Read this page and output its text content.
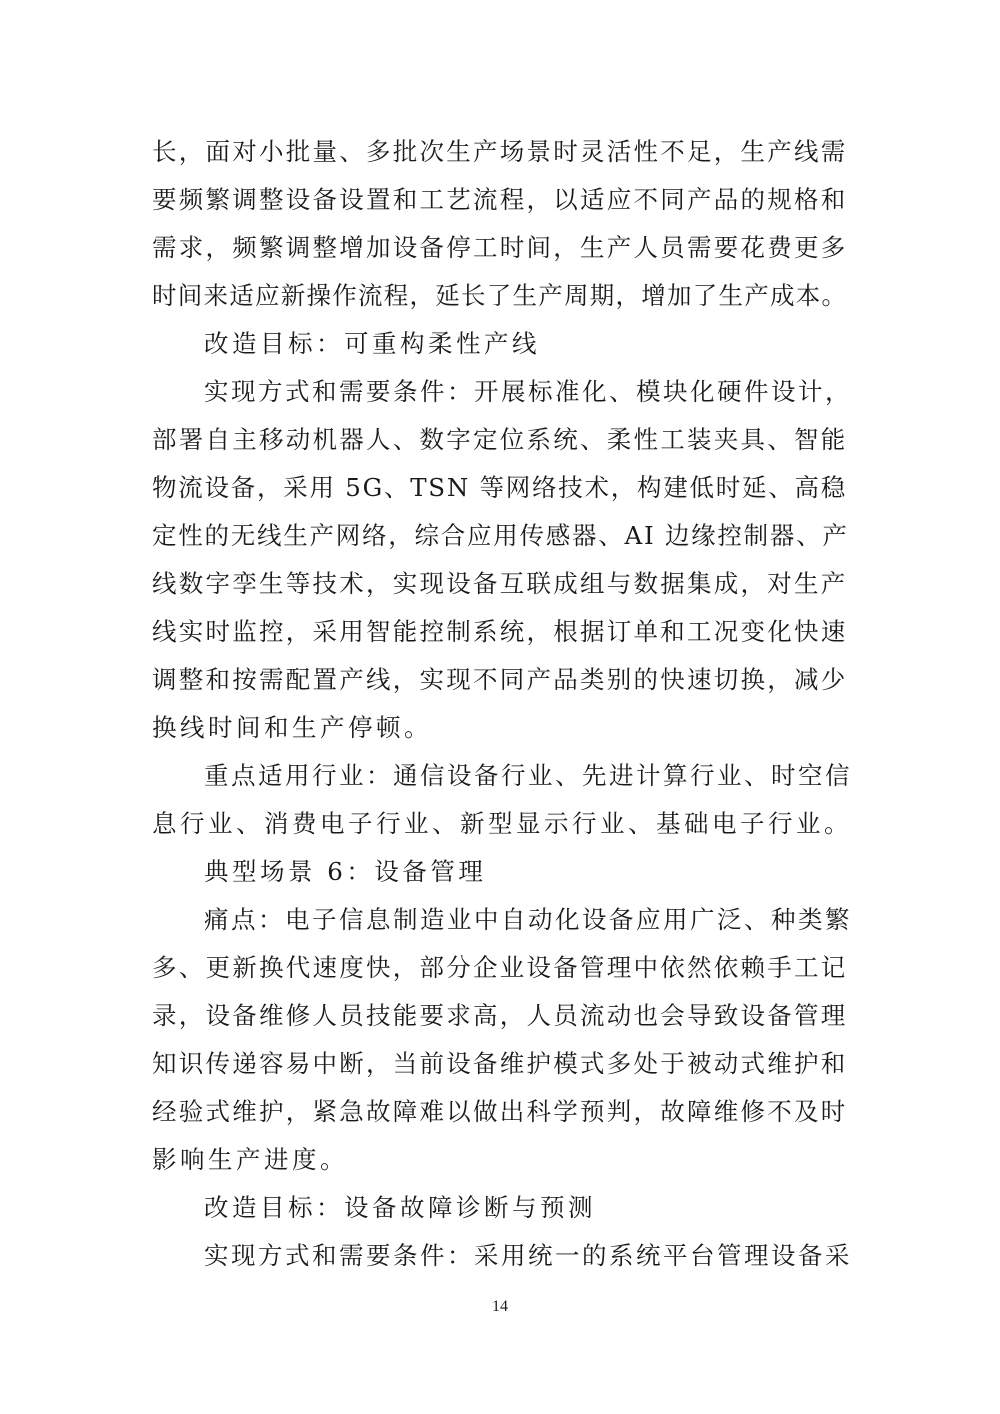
长，面对小批量、多批次生产场景时灵活性不足，生产线需
要频繁调整设备设置和工艺流程，以适应不同产品的规格和
需求，频繁调整增加设备停工时间，生产人员需要花费更多
时间来适应新操作流程，延长了生产周期，增加了生产成本。
改造目标：可重构柔性产线
实现方式和需要条件：开展标准化、模块化硬件设计，
部署自主移动机器人、数字定位系统、柔性工装夹具、智能
物流设备，采用 5G、TSN 等网络技术，构建低时延、高稳
定性的无线生产网络，综合应用传感器、AI 边缘控制器、产
线数字孪生等技术，实现设备互联成组与数据集成，对生产
线实时监控，采用智能控制系统，根据订单和工况变化快速
调整和按需配置产线，实现不同产品类别的快速切换，减少
换线时间和生产停顿。
重点适用行业：通信设备行业、先进计算行业、时空信
息行业、消费电子行业、新型显示行业、基础电子行业。
典型场景 6：设备管理
痛点：电子信息制造业中自动化设备应用广泛、种类繁
多、更新换代速度快，部分企业设备管理中依然依赖手工记
录，设备维修人员技能要求高，人员流动也会导致设备管理
知识传递容易中断，当前设备维护模式多处于被动式维护和
经验式维护，紧急故障难以做出科学预判，故障维修不及时
影响生产进度。
改造目标：设备故障诊断与预测
实现方式和需要条件：采用统一的系统平台管理设备采
14
